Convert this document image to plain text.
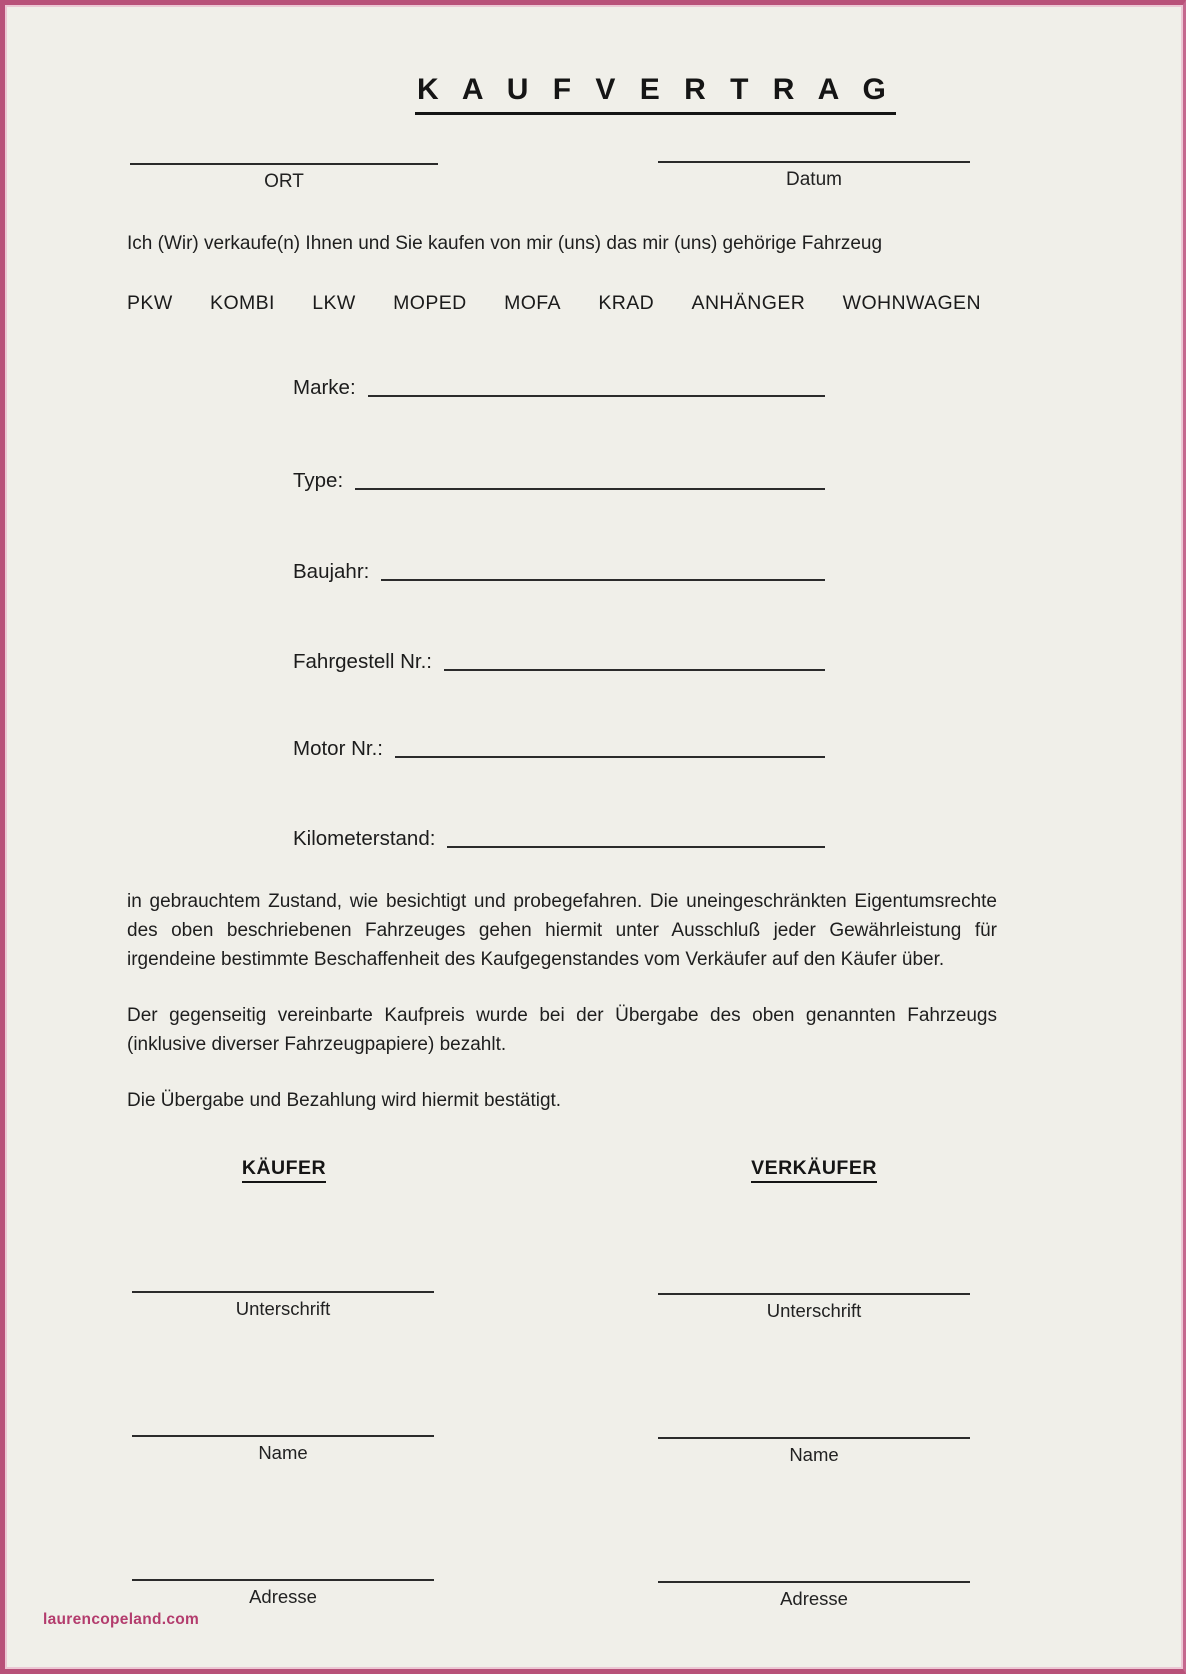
K A U F V E R T R A G
ORT	Datum

Ich (Wir) verkaufe(n) Ihnen und Sie kaufen von mir (uns) das mir (uns) gehörige Fahrzeug

PKW KOMBI LKW MOPED MOFA KRAD ANHÄNGER WOHNWAGEN
Marke:
Type:
Baujahr:
Fahrgestell Nr.:
Motor Nr.:
Kilometerstand:

in gebrauchtem Zustand, wie besichtigt und probegefahren. Die uneingeschränkten Eigentumsrechte des oben beschriebenen Fahrzeuges gehen hiermit unter Ausschluß jeder Gewährleistung für irgendeine bestimmte Beschaffenheit des Kaufgegenstandes vom Verkäufer auf den Käufer über.

Der gegenseitig vereinbarte Kaufpreis wurde bei der Übergabe des oben genannten Fahrzeugs (inklusive diverser Fahrzeugpapiere) bezahlt.

Die Übergabe und Bezahlung wird hiermit bestätigt.

KÄUFER	VERKÄUFER
Unterschrift
Name
Adresse
Unterschrift
Name
Adresse
laurencopeland.com
